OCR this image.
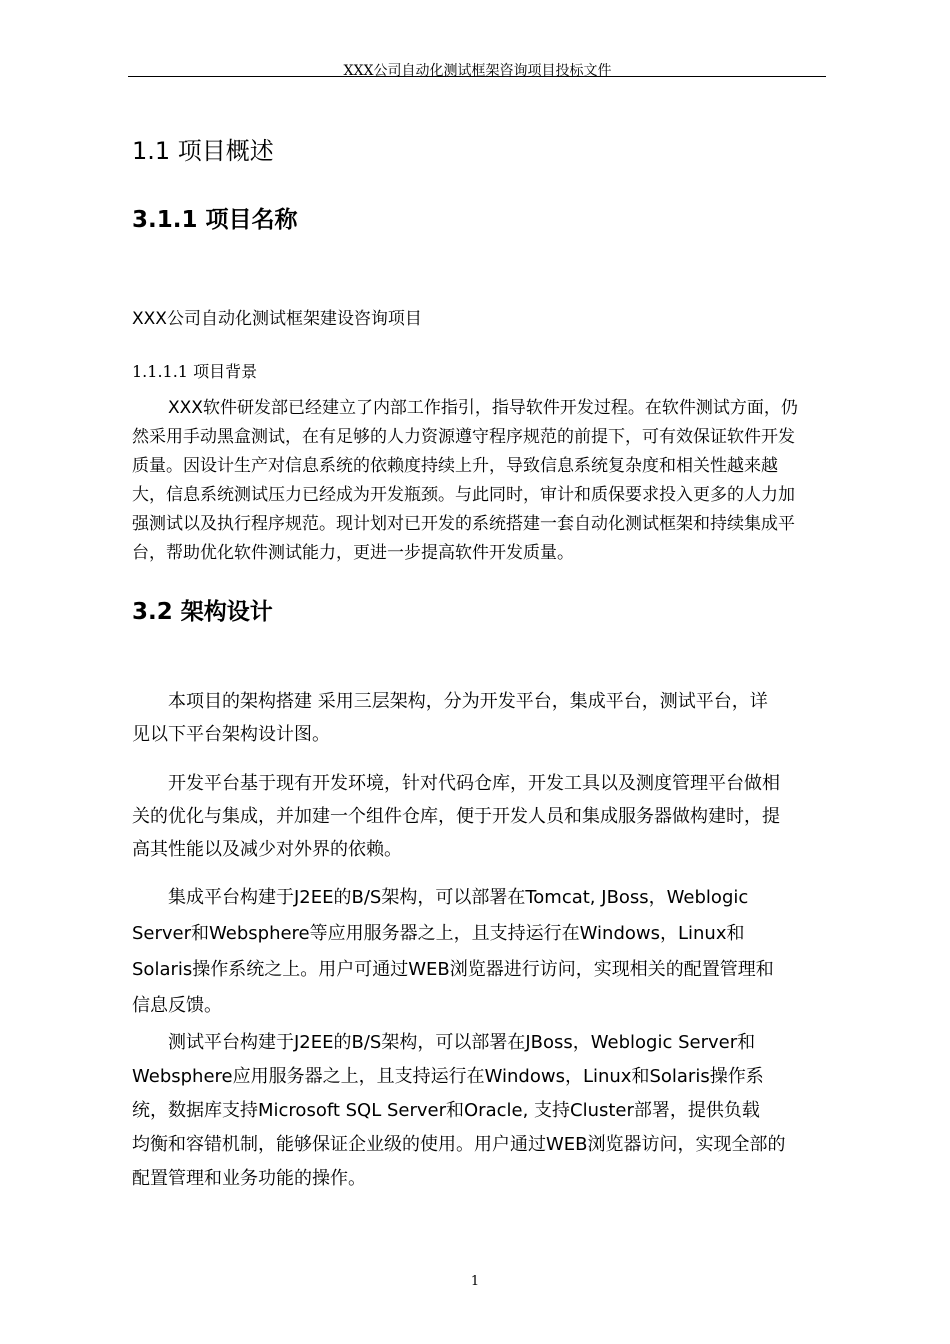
XXX公司自动化测试框架咨询项目投标文件
1.1 项目概述
3.1.1 项目名称
XXX公司自动化测试框架建设咨询项目
1.1.1.1 项目背景

XXX软件研发部已经建立了内部工作指引，指导软件开发过程。在软件测试方面，仍

然采用手动黑盒测试，在有足够的人力资源遵守程序规范的前提下，可有效保证软件开发

质量。因设计生产对信息系统的依赖度持续上升，导致信息系统复杂度和相关性越来越

大，信息系统测试压力已经成为开发瓶颈。与此同时，审计和质保要求投入更多的人力加

强测试以及执行程序规范。现计划对已开发的系统搭建一套自动化测试框架和持续集成平

台，帮助优化软件测试能力，更进一步提高软件开发质量。

3.2 架构设计

本项目的架构搭建 采用三层架构，分为开发平台，集成平台，测试平台，详

见以下平台架构设计图。

开发平台基于现有开发环境，针对代码仓库，开发工具以及测度管理平台做相

关的优化与集成，并加建一个组件仓库，便于开发人员和集成服务器做构建时，提

高其性能以及减少对外界的依赖。

集成平台构建于J2EE的B/S架构，可以部署在Tomcat, JBoss，Weblogic

Server和Websphere等应用服务器之上，且支持运行在Windows，Linux和

Solaris操作系统之上。用户可通过WEB浏览器进行访问，实现相关的配置管理和

信息反馈。

测试平台构建于J2EE的B/S架构，可以部署在JBoss，Weblogic Server和

Websphere应用服务器之上，且支持运行在Windows，Linux和Solaris操作系

统，数据库支持Microsoft SQL Server和Oracle, 支持Cluster部署，提供负载

均衡和容错机制，能够保证企业级的使用。用户通过WEB浏览器访问，实现全部的

配置管理和业务功能的操作。

1
